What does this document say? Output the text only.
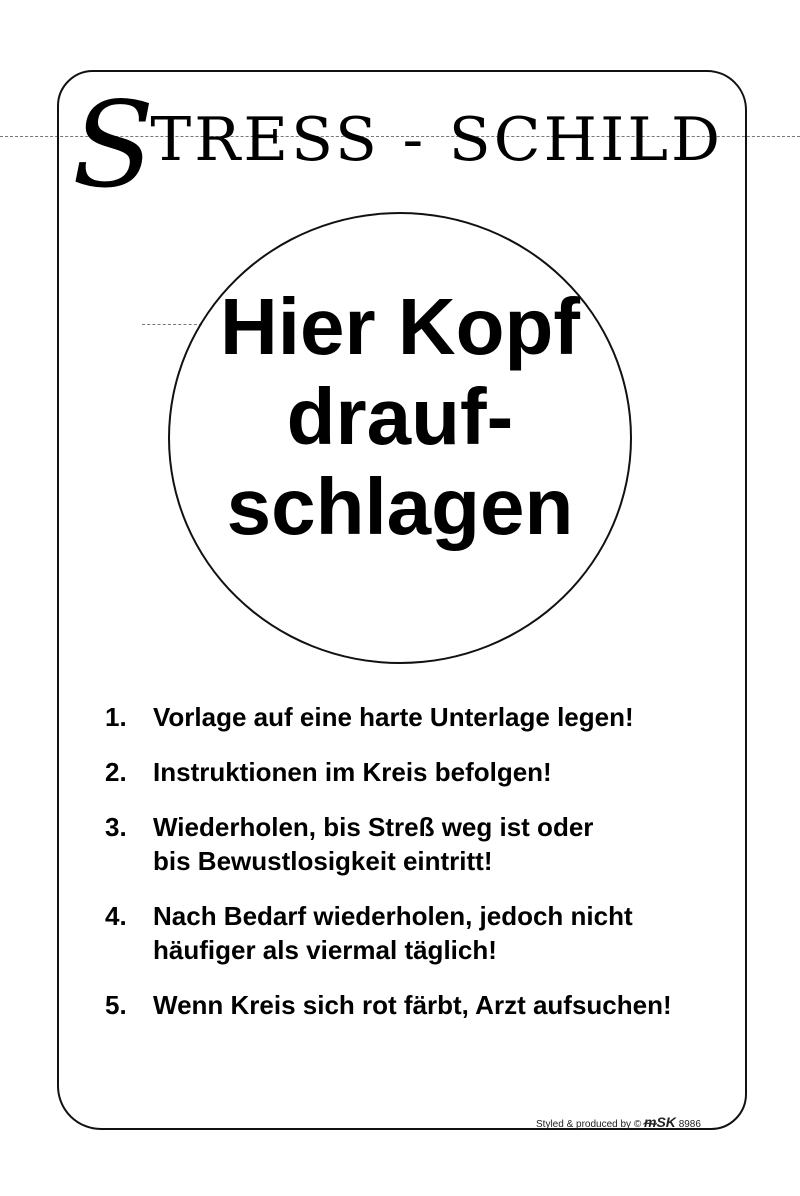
STRESS - SCHILD

Hier Kopf
drauf-
schlagen

1.	Vorlage auf eine harte Unterlage legen!
2.	Instruktionen im Kreis befolgen!
3.	Wiederholen, bis Streß weg ist oder
bis Bewustlosigkeit eintritt!
4.	Nach Bedarf wiederholen, jedoch nicht
häufiger als viermal täglich!
5.	Wenn Kreis sich rot färbt, Arzt aufsuchen!
Styled & produced by © ᵯSK 8986
